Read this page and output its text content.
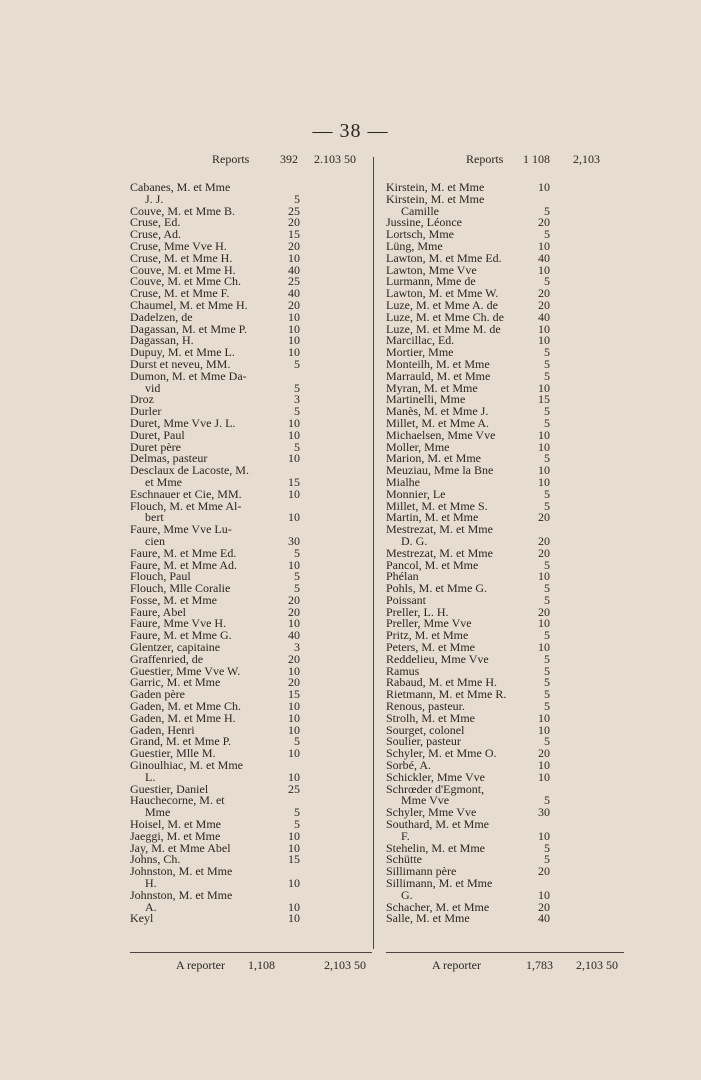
— 38 —
Reports	392 2.103 50
Cabanes, M. et Mme
J. J.	5
Couve, M. et Mme B.	25
Cruse, Ed.	20
Cruse, Ad.	15
Cruse, Mme Vve H.	20
Cruse, M. et Mme H.	10
Couve, M. et Mme H.	40
Couve, M. et Mme Ch.	25
Cruse, M. et Mme F.	40
Chaumel, M. et Mme H.	20
Dadelzen, de	10
Dagassan, M. et Mme P.	10
Dagassan, H.	10
Dupuy, M. et Mme L.	10
Durst et neveu, MM.	5
Dumon, M. et Mme Da-
vid	5
Droz	3
Durler	5
Duret, Mme Vve J. L.	10
Duret, Paul	10
Duret père	5
Delmas, pasteur	10
Desclaux de Lacoste, M.
et Mme	15
Eschnauer et Cie, MM.	10
Flouch, M. et Mme Al-
bert	10
Faure, Mme Vve Lu-
cien	30
Faure, M. et Mme Ed.	5
Faure, M. et Mme Ad.	10
Flouch, Paul	5
Flouch, Mlle Coralie	5
Fosse, M. et Mme	20
Faure, Abel	20
Faure, Mme Vve H.	10
Faure, M. et Mme G.	40
Glentzer, capitaine	3
Graffenried, de	20
Guestier, Mme Vve W.	10
Garric, M. et Mme	20
Gaden père	15
Gaden, M. et Mme Ch.	10
Gaden, M. et Mme H.	10
Gaden, Henri	10
Grand, M. et Mme P.	5
Guestier, Mlle M.	10
Ginoulhiac, M. et Mme
L.	10
Guestier, Daniel	25
Hauchecorne, M. et
Mme	5
Hoisel, M. et Mme	5
Jaeggi, M. et Mme	10
Jay, M. et Mme Abel	10
Johns, Ch.	15
Johnston, M. et Mme
H.	10
Johnston, M. et Mme
A.	10
Keyl	10
Reports 1 108 2,103
Kirstein, M. et Mme	10
Kirstein, M. et Mme
Camille	5
Jussine, Léonce	20
Lortsch, Mme	5
Lüng, Mme	10
Lawton, M. et Mme Ed.	40
Lawton, Mme Vve	10
Lurmann, Mme de	5
Lawton, M. et Mme W.	20
Luze, M. et Mme A. de	20
Luze, M. et Mme Ch. de	40
Luze, M. et Mme M. de	10
Marcillac, Ed.	10
Mortier, Mme	5
Monteilh, M. et Mme	5
Marrauld, M. et Mme	5
Myran, M. et Mme	10
Martinelli, Mme	15
Manès, M. et Mme J.	5
Millet, M. et Mme A.	5
Michaelsen, Mme Vve	10
Moller, Mme	10
Marion, M. et Mme	5
Meuziau, Mme la Bne	10
Mialhe	10
Monnier, Le	5
Millet, M. et Mme S.	5
Martin, M. et Mme	20
Mestrezat, M. et Mme
D. G.	20
Mestrezat, M. et Mme	20
Pancol, M. et Mme	5
Phélan	10
Pohls, M. et Mme G.	5
Poissant	5
Preller, L. H.	20
Preller, Mme Vve	10
Pritz, M. et Mme	5
Peters, M. et Mme	10
Reddelieu, Mme Vve	5
Ramus	5
Rabaud, M. et Mme H.	5
Rietmann, M. et Mme R.	5
Renous, pasteur.	5
Strolh, M. et Mme	10
Sourget, colonel	10
Soulier, pasteur	5
Schyler, M. et Mme O.	20
Sorbé, A.	10
Schickler, Mme Vve	10
Schrœder d'Egmont,
Mme Vve	5
Schyler, Mme Vve	30
Southard, M. et Mme
F.	10
Stehelin, M. et Mme	5
Schütte	5
Sillimann père	20
Sillimann, M. et Mme
G.	10
Schacher, M. et Mme	20
Salle, M. et Mme	40
A reporter 1,108	2,103 50	A reporter	1,783 2,103 50
